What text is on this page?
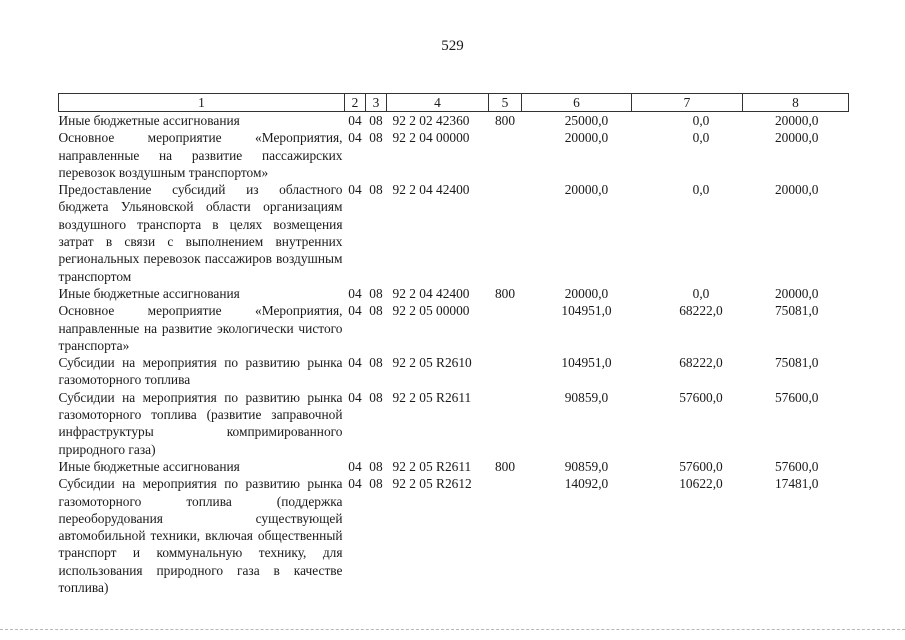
529
1	2	3	4	5	6	7	8
Иные бюджетные ассигнования	04	08	92 2 02 42360	800	25000,0	0,0	20000,0
Основное мероприятие «Мероприятия, направленные на развитие пассажирских перевозок воздушным транспортом»	04	08	92 2 04 00000		20000,0	0,0	20000,0
Предоставление субсидий из областного бюджета Ульяновской области организациям воздушного транспорта в целях возмещения затрат в связи с выполнением внутренних региональных перевозок пассажиров воздушным транспортом	04	08	92 2 04 42400		20000,0	0,0	20000,0
Иные бюджетные ассигнования	04	08	92 2 04 42400	800	20000,0	0,0	20000,0
Основное мероприятие «Мероприятия, направленные на развитие экологически чистого транспорта»	04	08	92 2 05 00000		104951,0	68222,0	75081,0
Субсидии на мероприятия по развитию рынка газомоторного топлива	04	08	92 2 05 R2610		104951,0	68222,0	75081,0
Субсидии на мероприятия по развитию рынка газомоторного топлива (развитие заправочной инфраструктуры компримированного природного газа)	04	08	92 2 05 R2611		90859,0	57600,0	57600,0
Иные бюджетные ассигнования	04	08	92 2 05 R2611	800	90859,0	57600,0	57600,0
Субсидии на мероприятия по развитию рынка газомоторного топлива (поддержка переоборудования существующей автомобильной техники, включая общественный транспорт и коммунальную технику, для использования природного газа в качестве топлива)	04	08	92 2 05 R2612		14092,0	10622,0	17481,0
